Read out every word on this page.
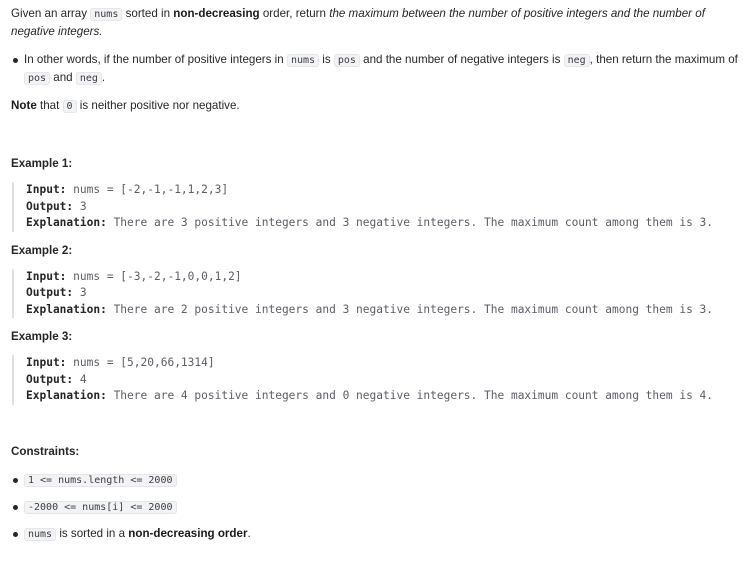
Given an array nums sorted in non-decreasing order, return the maximum between the number of positive integers and the number of negative integers.

In other words, if the number of positive integers in nums is pos and the number of negative integers is neg , then return the maximum of pos and neg .

Note that 0 is neither positive nor negative.

Example 1:

Input: nums = [-2,-1,-1,1,2,3]
Output: 3
Explanation: There are 3 positive integers and 3 negative integers. The maximum count among them is 3.

Example 2:

Input: nums = [-3,-2,-1,0,0,1,2]
Output: 3
Explanation: There are 2 positive integers and 3 negative integers. The maximum count among them is 3.

Example 3:

Input: nums = [5,20,66,1314]
Output: 4
Explanation: There are 4 positive integers and 0 negative integers. The maximum count among them is 4.

Constraints:

1 <= nums.length <= 2000
-2000 <= nums[i] <= 2000
nums is sorted in a non-decreasing order.
